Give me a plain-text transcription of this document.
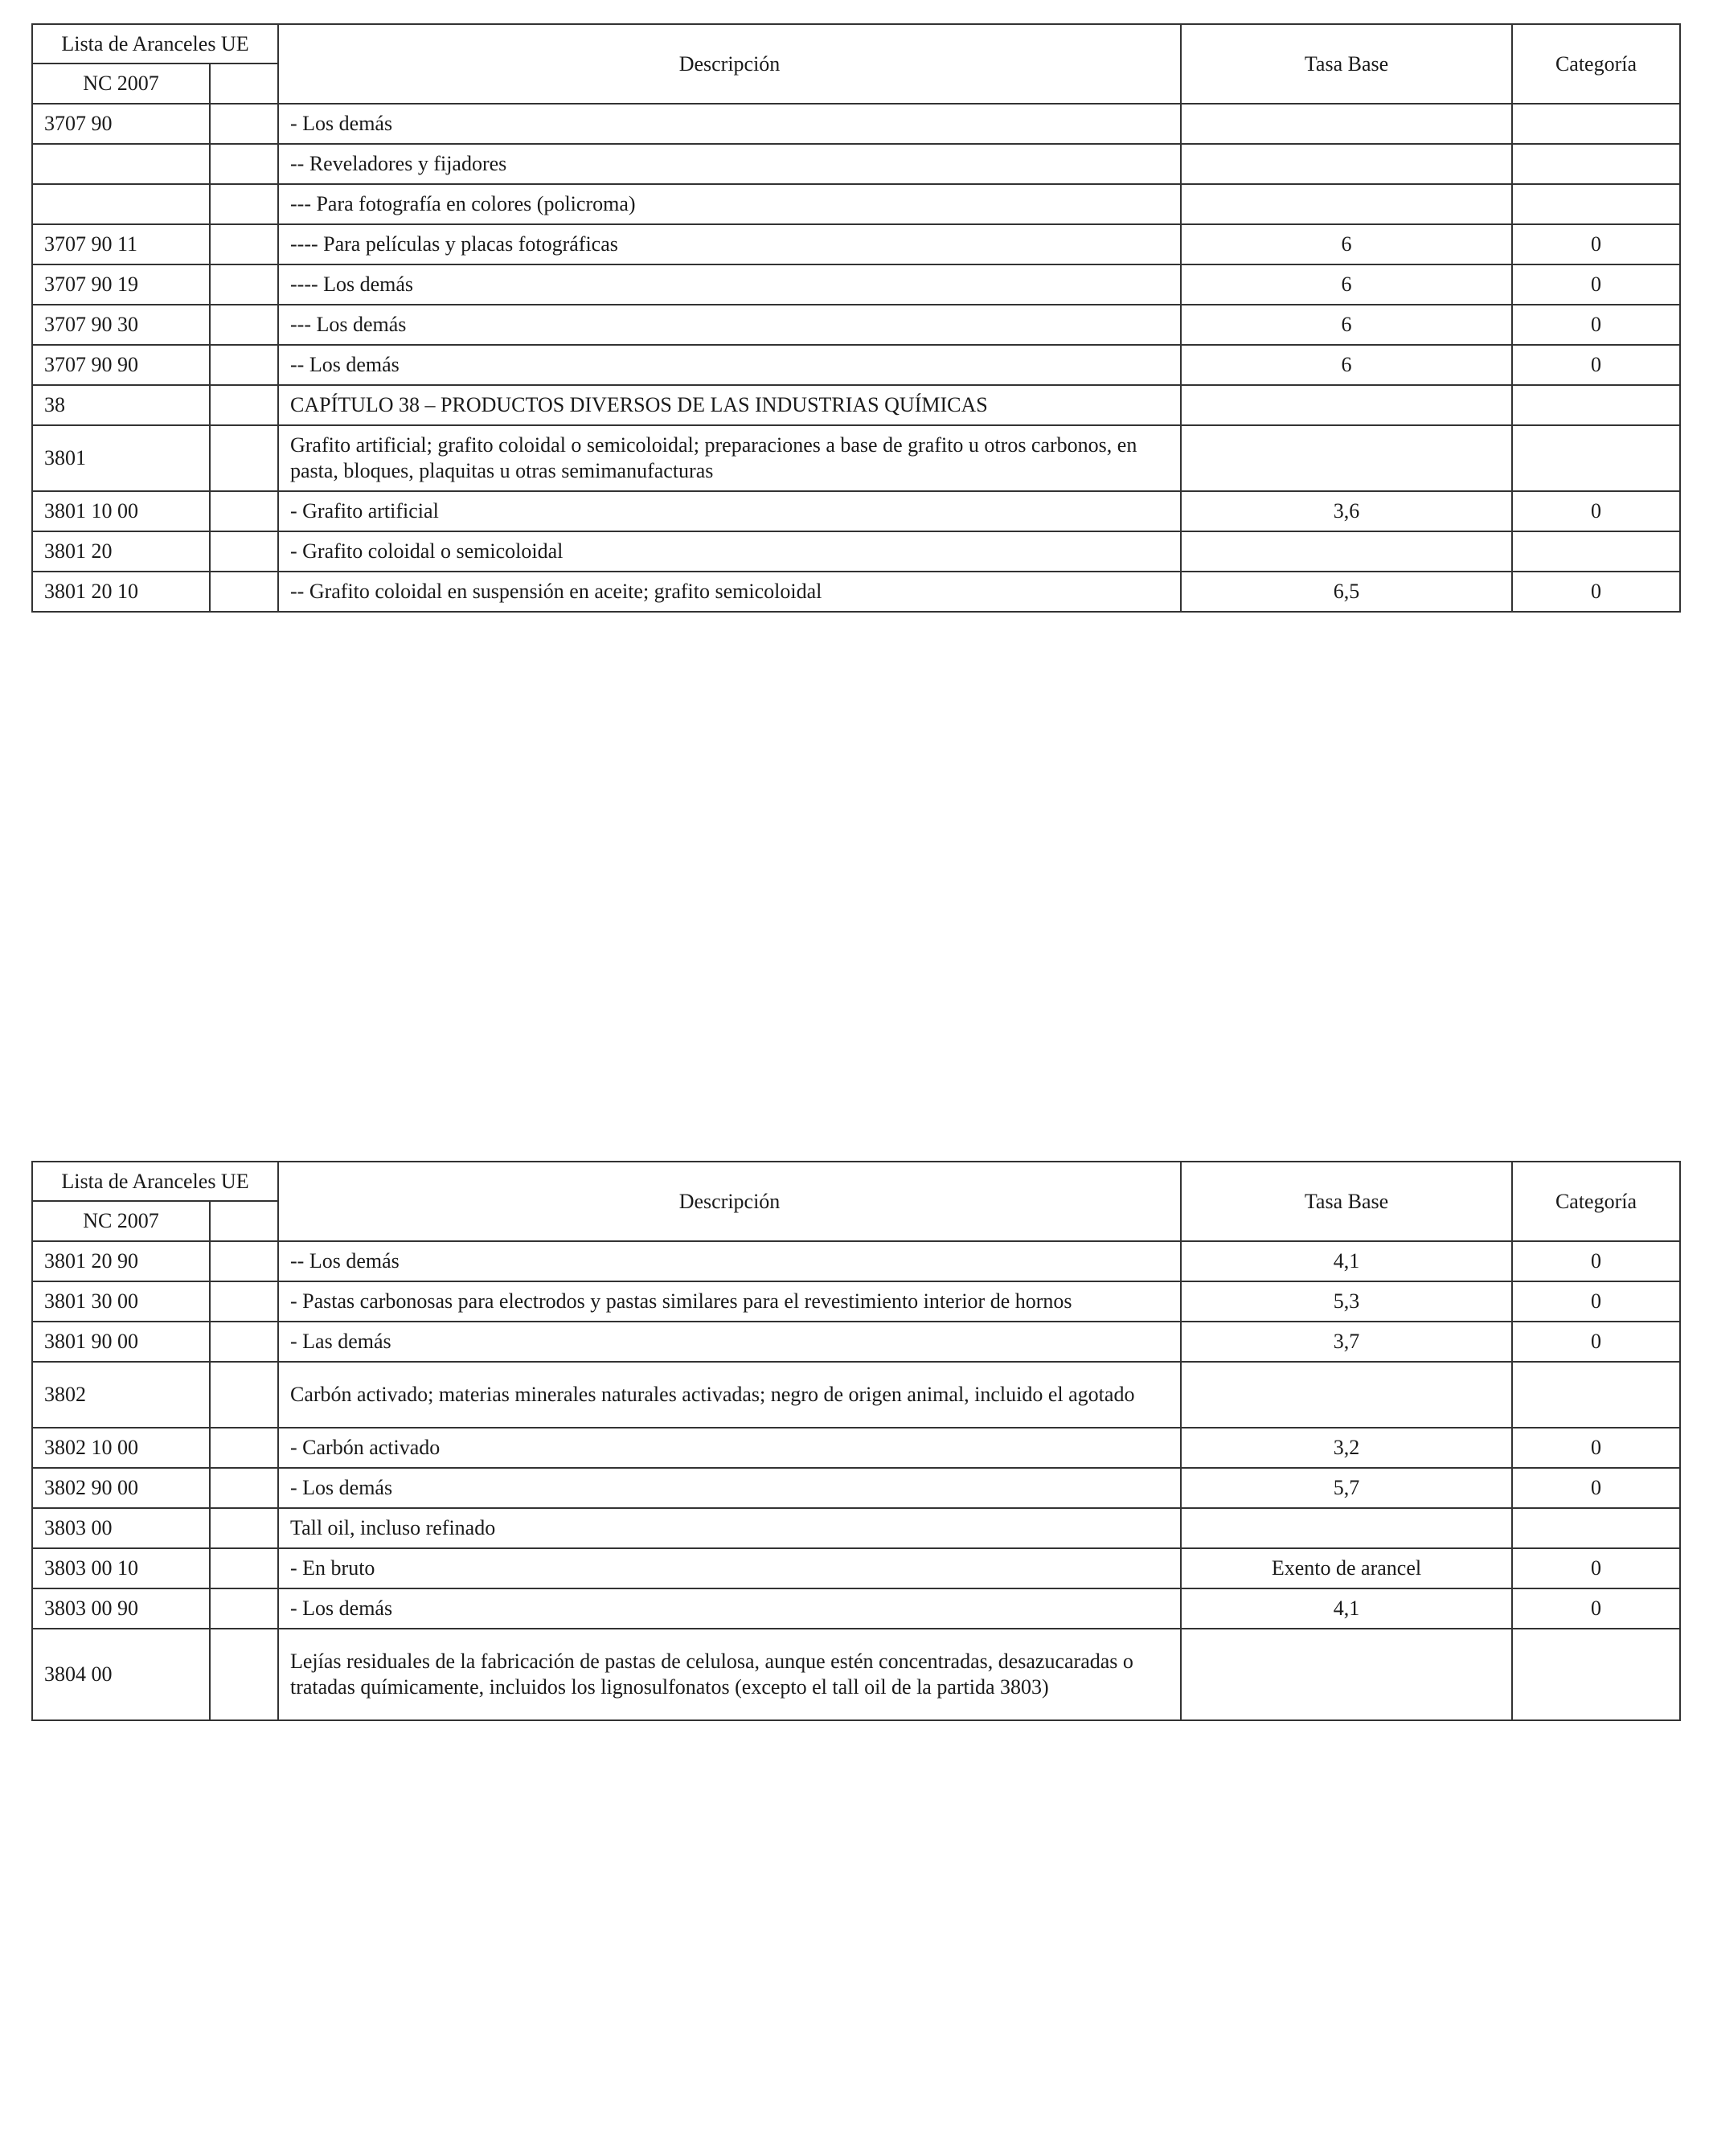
Lista de Aranceles UE		Descripción	Tasa Base	Categoría
NC 2007				
3707 90		- Los demás		
		-- Reveladores y fijadores		
		--- Para fotografía en colores (policroma)		
3707 90 11		---- Para películas y placas fotográficas	6	0
3707 90 19		---- Los demás	6	0
3707 90 30		--- Los demás	6	0
3707 90 90		-- Los demás	6	0
38		CAPÍTULO 38 – PRODUCTOS DIVERSOS DE LAS INDUSTRIAS QUÍMICAS		
3801		Grafito artificial; grafito coloidal o semicoloidal; preparaciones a base de grafito u otros carbonos, en pasta, bloques, plaquitas u otras semimanufacturas		
3801 10 00		- Grafito artificial	3,6	0
3801 20		- Grafito coloidal o semicoloidal		
3801 20 10		-- Grafito coloidal en suspensión en aceite; grafito semicoloidal	6,5	0
Lista de Aranceles UE		Descripción	Tasa Base	Categoría
NC 2007				
3801 20 90		-- Los demás	4,1	0
3801 30 00		- Pastas carbonosas para electrodos y pastas similares para el revestimiento interior de hornos	5,3	0
3801 90 00		- Las demás	3,7	0
3802		Carbón activado; materias minerales naturales activadas; negro de origen animal, incluido el agotado		
3802 10 00		- Carbón activado	3,2	0
3802 90 00		- Los demás	5,7	0
3803 00		Tall oil, incluso refinado		
3803 00 10		- En bruto	Exento de arancel	0
3803 00 90		- Los demás	4,1	0
3804 00		Lejías residuales de la fabricación de pastas de celulosa, aunque estén concentradas, desazucaradas o tratadas químicamente, incluidos los lignosulfonatos (excepto el tall oil de la partida 3803)		
